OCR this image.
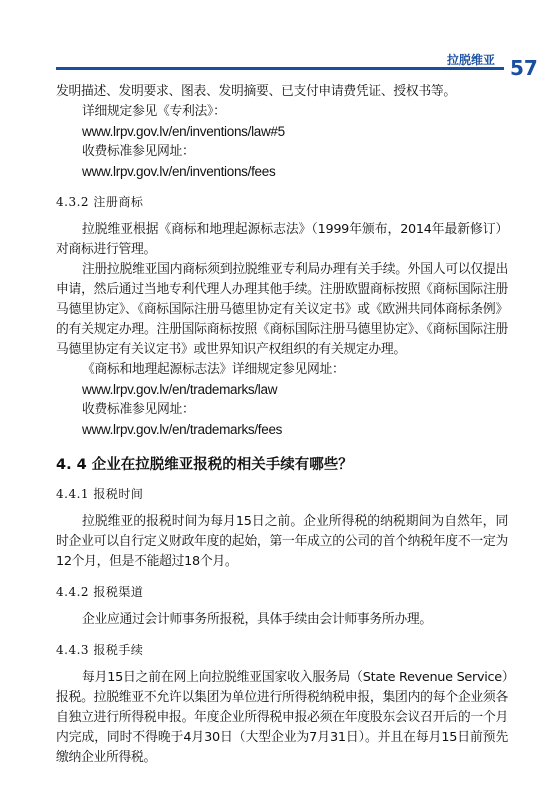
拉脱维亚 57

发明描述、发明要求、图表、发明摘要、已支付申请费凭证、授权书等。

详细规定参见《专利法》：

www.lrpv.gov.lv/en/inventions/law#5

收费标准参见网址：

www.lrpv.gov.lv/en/inventions/fees

4.3.2 注册商标

拉脱维亚根据《商标和地理起源标志法》（1999年颁布，2014年最新修订）对商标进行管理。

注册拉脱维亚国内商标须到拉脱维亚专利局办理有关手续。外国人可以仅提出申请，然后通过当地专利代理人办理其他手续。注册欧盟商标按照《商标国际注册马德里协定》、《商标国际注册马德里协定有关议定书》或《欧洲共同体商标条例》的有关规定办理。注册国际商标按照《商标国际注册马德里协定》、《商标国际注册马德里协定有关议定书》或世界知识产权组织的有关规定办理。

《商标和地理起源标志法》详细规定参见网址：

www.lrpv.gov.lv/en/trademarks/law

收费标准参见网址：

www.lrpv.gov.lv/en/trademarks/fees

4. 4 企业在拉脱维亚报税的相关手续有哪些？
4.4.1 报税时间

拉脱维亚的报税时间为每月15日之前。企业所得税的纳税期间为自然年，同时企业可以自行定义财政年度的起始，第一年成立的公司的首个纳税年度不一定为12个月，但是不能超过18个月。

4.4.2 报税渠道

企业应通过会计师事务所报税，具体手续由会计师事务所办理。

4.4.3 报税手续

每月15日之前在网上向拉脱维亚国家收入服务局（State Revenue Service）报税。拉脱维亚不允许以集团为单位进行所得税纳税申报，集团内的每个企业须各自独立进行所得税申报。年度企业所得税申报必须在年度股东会议召开后的一个月内完成，同时不得晚于4月30日（大型企业为7月31日）。并且在每月15日前预先缴纳企业所得税。
